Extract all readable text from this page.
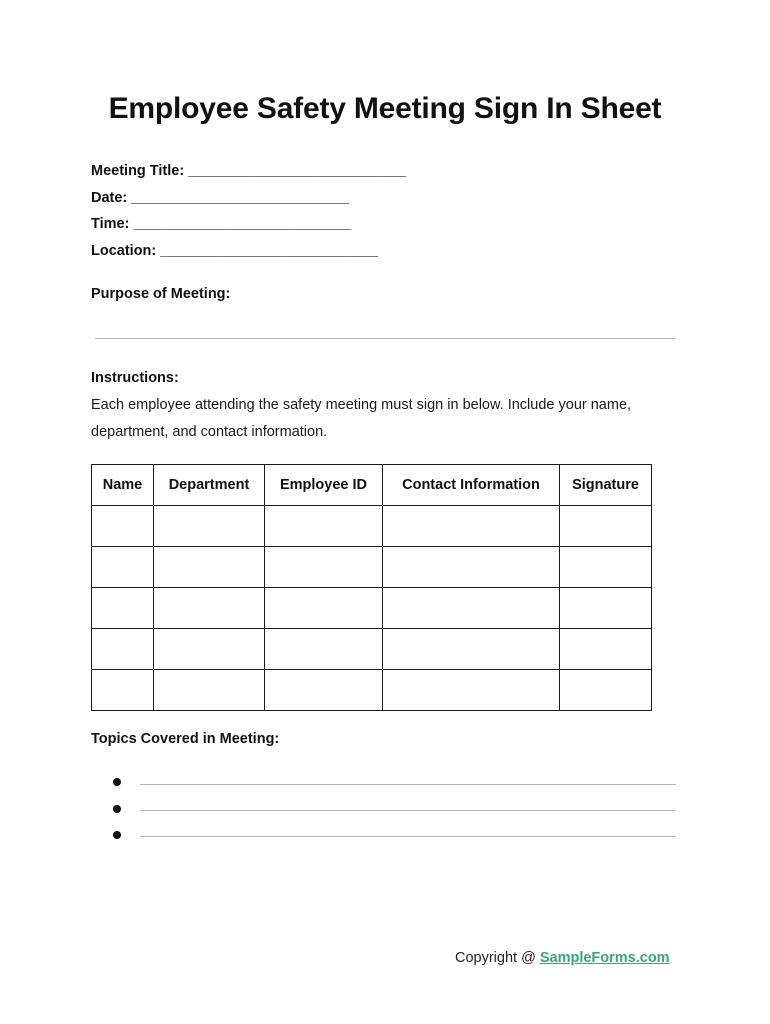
Employee Safety Meeting Sign In Sheet
Meeting Title: ___________________________
Date: ___________________________
Time: ___________________________
Location: ___________________________
Purpose of Meeting:
Instructions:
Each employee attending the safety meeting must sign in below. Include your name, department, and contact information.
Name	Department	Employee ID	Contact Information	Signature

Topics Covered in Meeting:
Copyright @ SampleForms.com
